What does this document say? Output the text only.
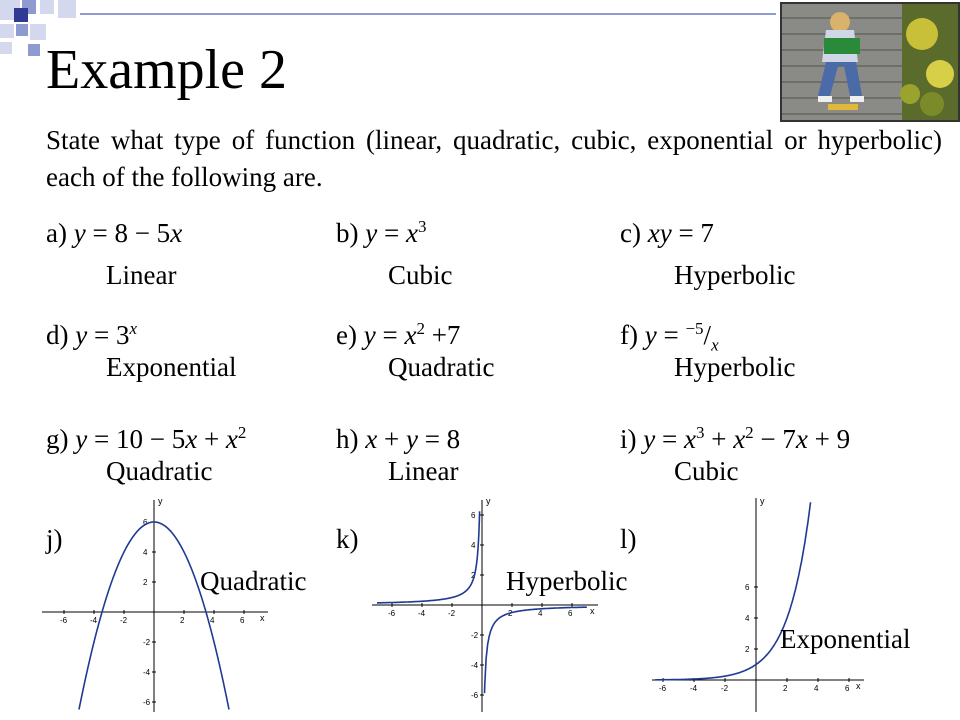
Example 2
State what type of function (linear, quadratic, cubic, exponential or hyperbolic) each of the following are.
a) y = 8 − 5x
Linear
b) $y = x^3$
Cubic
c) xy = 7
Hyperbolic
d) $y = 3^x$
Exponential
e) $y = x^2 +7$
Quadratic
f) $y = ^{-5}/_x$
Hyperbolic
g) $y = 10 - 5x + x^2$
Quadratic
h) x + y = 8
Linear
i) $y = x^3 + x^2 - 7x + 9$
Cubic
j)	k)	l)
-6	-4	-2	2	4	6
6
4
2
-2
-4
-6
y
x
Quadratic
-6	-4	-2	2	4	6
6
4
2
-2
-4
-6
y
x
Hyperbolic
-6	-4	-2	2	4	6
6
4
2
y
x
Exponential
